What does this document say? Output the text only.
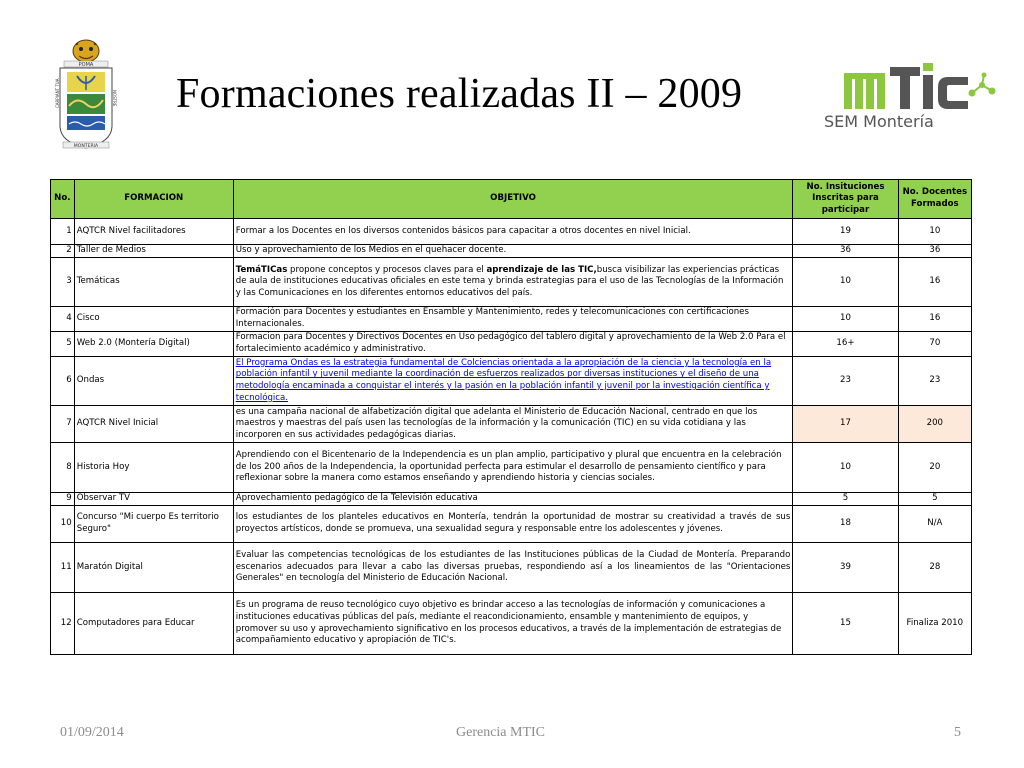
POMA
CARPIANT TUA	NOSTRE
MONTERIA
Formaciones realizadas II – 2009
SEM Montería
No.	FORMACION	OBJETIVO	No. Insituciones Inscritas para participar	No. Docentes Formados
1	AQTCR Nivel facilitadores	Formar a los Docentes en los diversos contenidos básicos para capacitar a otros docentes en nivel Inicial.	19	10
2	Taller de Medios	Uso y aprovechamiento de los Medios en el quehacer docente.	36	36
3	Temáticas	TemáTICas propone conceptos y procesos claves para el aprendizaje de las TIC,busca visibilizar las experiencias prácticas de aula de instituciones educativas oficiales en este tema y brinda estrategias para el uso de las Tecnologías de la Información y las Comunicaciones en los diferentes entornos educativos del país.	10	16
4	Cisco	Formación para Docentes y estudiantes en Ensamble y Mantenimiento, redes y telecomunicaciones con certificaciones Internacionales.	10	16
5	Web 2.0 (Montería Digital)	Formacion para Docentes y Directivos Docentes en Uso pedagógico del tablero digital y aprovechamiento de la Web 2.0 Para el fortalecimiento académico y administrativo.	16+	70
6	Ondas	El Programa Ondas es la estrategia fundamental de Colciencias orientada a la apropiación de la ciencia y la tecnología en la población infantil y juvenil mediante la coordinación de esfuerzos realizados por diversas instituciones y el diseño de una metodología encaminada a conquistar el interés y la pasión en la población infantil y juvenil por la investigación científica y tecnológica.	23	23
7	AQTCR Nivel Inicial	es una campaña nacional de alfabetización digital que adelanta el Ministerio de Educación Nacional, centrado en que los maestros y maestras del país usen las tecnologías de la información y la comunicación (TIC) en su vida cotidiana y las incorporen en sus actividades pedagógicas diarias.	17	200
8	Historia Hoy	Aprendiendo con el Bicentenario de la Independencia es un plan amplio, participativo y plural que encuentra en la celebración de los 200 años de la Independencia, la oportunidad perfecta para estimular el desarrollo de pensamiento científico y para reflexionar sobre la manera como estamos enseñando y aprendiendo historia y ciencias sociales.	10	20
9	Observar TV	Aprovechamiento pedagógico de la Televisión educativa	5	5
10	Concurso "Mi cuerpo Es territorio Seguro"	los estudiantes de los planteles educativos en Montería, tendrán la oportunidad de mostrar su creatividad a través de sus proyectos artísticos, donde se promueva, una sexualidad segura y responsable entre los adolescentes y jóvenes.	18	N/A
11	Maratón Digital	Evaluar las competencias tecnológicas de los estudiantes de las Instituciones públicas de la Ciudad de Montería. Preparando escenarios adecuados para llevar a cabo las diversas pruebas, respondiendo así a los lineamientos de las "Orientaciones Generales" en tecnología del Ministerio de Educación Nacional.	39	28
12	Computadores para Educar	Es un programa de reuso tecnológico cuyo objetivo es brindar acceso a las tecnologías de información y comunicaciones a instituciones educativas públicas del país, mediante el reacondicionamiento, ensamble y mantenimiento de equipos, y promover su uso y aprovechamiento significativo en los procesos educativos, a través de la implementación de estrategias de acompañamiento educativo y apropiación de TIC's.	15	Finaliza 2010
01/09/2014	Gerencia MTIC	5
